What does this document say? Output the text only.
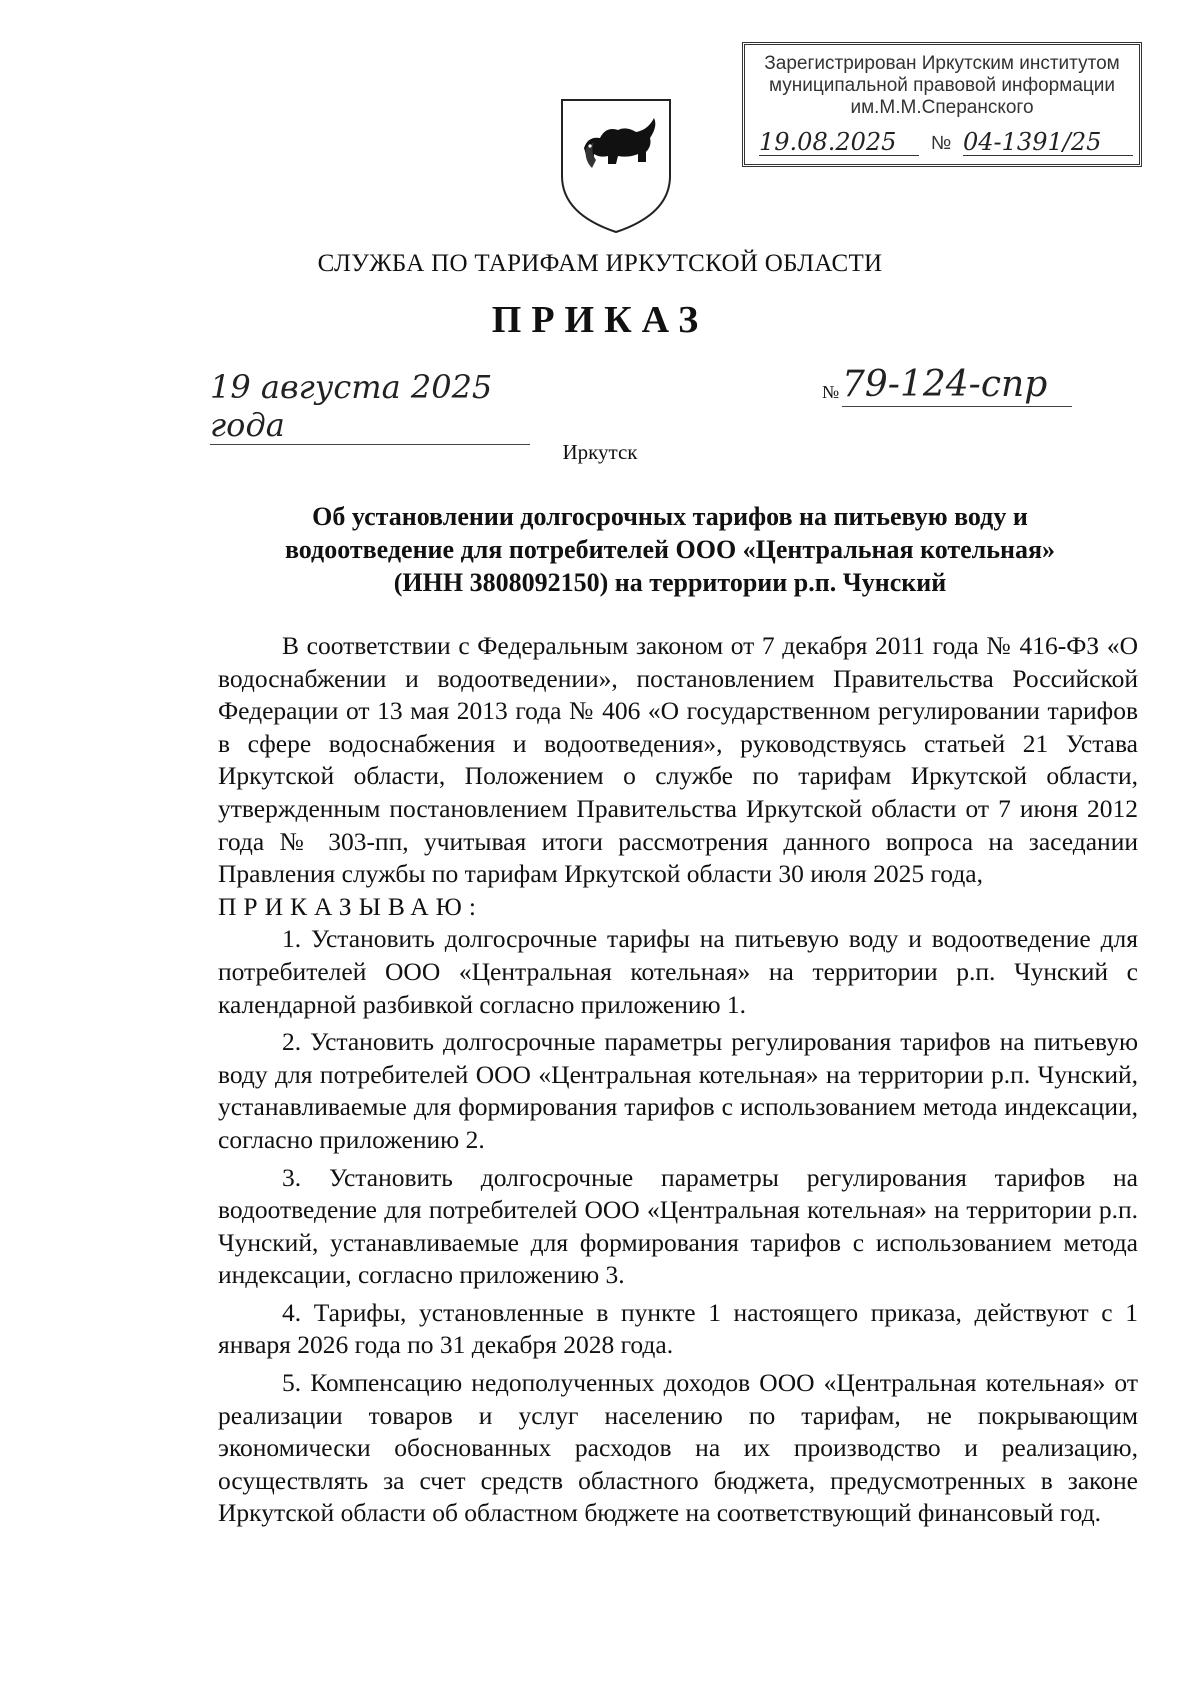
Зарегистрирован Иркутским институтом
муниципальной правовой информации
им.М.М.Сперанского
19.08.2025	№ 04-1391/25
СЛУЖБА ПО ТАРИФАМ ИРКУТСКОЙ ОБЛАСТИ
ПРИКАЗ
19 августа 2025 года
№ 79-124-спр
Иркутск
Об установлении долгосрочных тарифов на питьевую воду и
водоотведение для потребителей ООО «Центральная котельная»
(ИНН 3808092150) на территории р.п. Чунский

В соответствии с Федеральным законом от 7 декабря 2011 года № 416-ФЗ «О водоснабжении и водоотведении», постановлением Правительства Российской Федерации от 13 мая 2013 года № 406 «О государственном регулировании тарифов в сфере водоснабжения и водоотведения», руководствуясь статьей 21 Устава Иркутской области, Положением о службе по тарифам Иркутской области, утвержденным постановлением Правительства Иркутской области от 7 июня 2012 года № 303-пп, учитывая итоги рассмотрения данного вопроса на заседании Правления службы по тарифам Иркутской области 30 июля 2025 года,

ПРИКАЗЫВАЮ:

1. Установить долгосрочные тарифы на питьевую воду и водоотведение для потребителей ООО «Центральная котельная» на территории р.п. Чунский с календарной разбивкой согласно приложению 1.

2. Установить долгосрочные параметры регулирования тарифов на питьевую воду для потребителей ООО «Центральная котельная» на территории р.п. Чунский, устанавливаемые для формирования тарифов с использованием метода индексации, согласно приложению 2.

3. Установить долгосрочные параметры регулирования тарифов на водоотведение для потребителей ООО «Центральная котельная» на территории р.п. Чунский, устанавливаемые для формирования тарифов с использованием метода индексации, согласно приложению 3.

4. Тарифы, установленные в пункте 1 настоящего приказа, действуют с 1 января 2026 года по 31 декабря 2028 года.

5. Компенсацию недополученных доходов ООО «Центральная котельная» от реализации товаров и услуг населению по тарифам, не покрывающим экономически обоснованных расходов на их производство и реализацию, осуществлять за счет средств областного бюджета, предусмотренных в законе Иркутской области об областном бюджете на соответствующий финансовый год.
